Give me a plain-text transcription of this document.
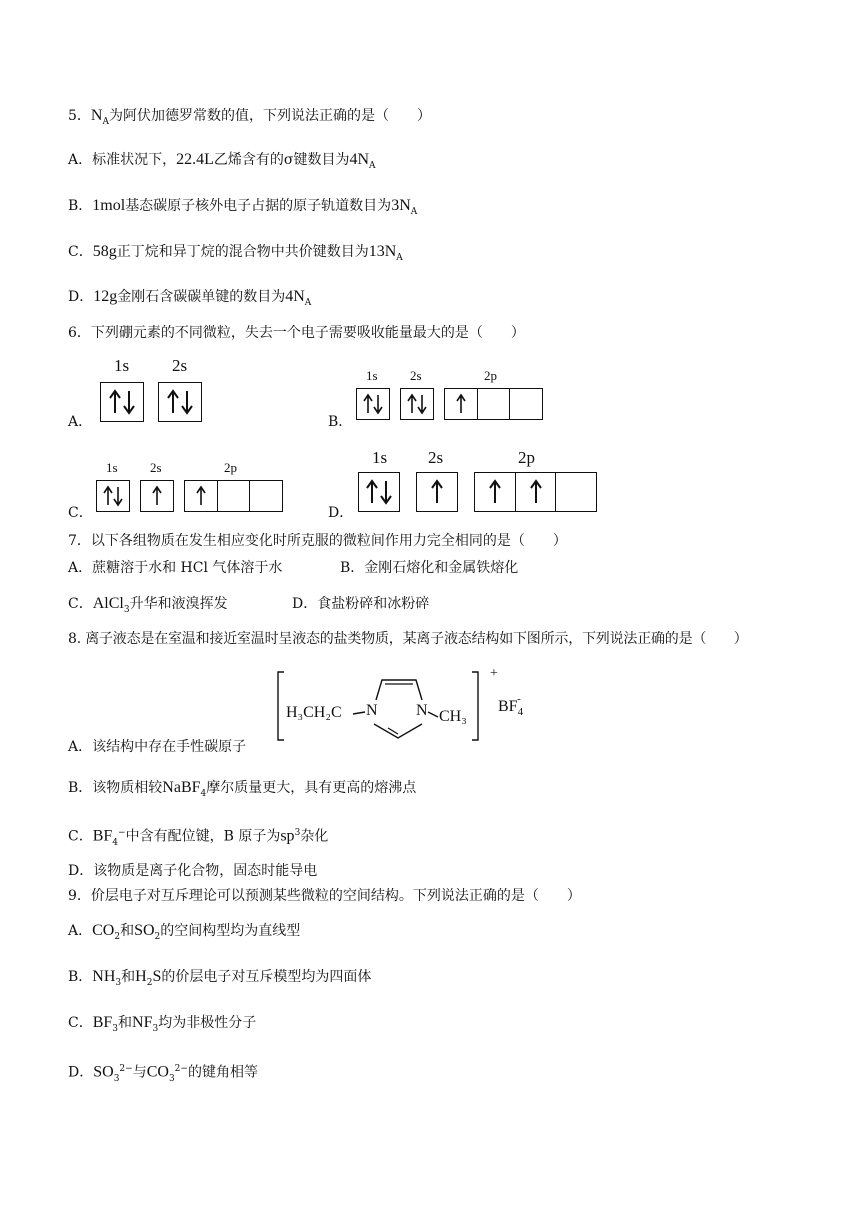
5．$N_A$为阿伏加德罗常数的值，下列说法正确的是（　　）
A．标准状况下，22.4L乙烯含有的σ键数目为$4N_A$
B．1mol基态碳原子核外电子占据的原子轨道数目为$3N_A$
C．58g正丁烷和异丁烷的混合物中共价键数目为$13N_A$
D．12g金刚石含碳碳单键的数目为$4N_A$
6．下列硼元素的不同微粒，失去一个电子需要吸收能量最大的是（　　）
A．
1s	2s
B．
1s 2s	2p
C．
1s 2s	2p
D．
1s 2s	2p
7．以下各组物质在发生相应变化时所克服的微粒间作用力完全相同的是（　　）
A．蔗糖溶于水和 HCl 气体溶于水	B．金刚石熔化和金属铁熔化
C．AlCl$_3$升华和液溴挥发	D．食盐粉碎和冰粉碎
8. 离子液态是在室温和接近室温时呈液态的盐类物质，某离子液态结构如下图所示，下列说法正确的是（　　）
H₃CH₂C N N CH₃
+
$BF_4^-$
A．该结构中存在手性碳原子
B．该物质相较NaBF$_4$摩尔质量更大，具有更高的熔沸点
C．$BF_4^-$中含有配位键，B 原子为$sp^3$杂化
D．该物质是离子化合物，固态时能导电
9．价层电子对互斥理论可以预测某些微粒的空间结构。下列说法正确的是（　　）
A．$CO_2$和$SO_2$的空间构型均为直线型
B．$NH_3$和$H_2S$的价层电子对互斥模型均为四面体
C．$BF_3$和$NF_3$均为非极性分子
D．$SO_3^{2-}$与$CO_3^{2-}$的键角相等
